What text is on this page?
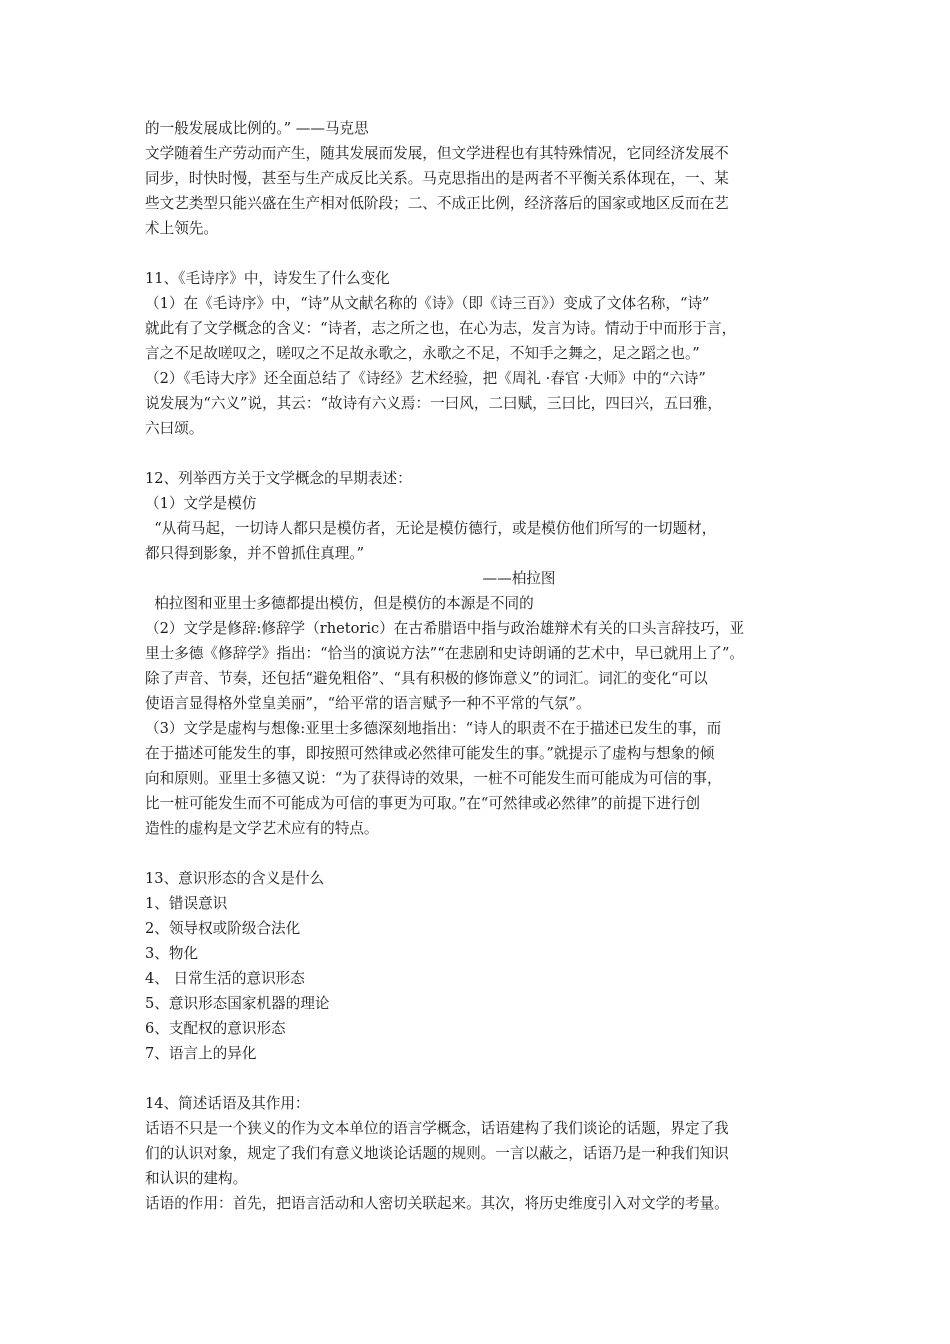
的一般发展成比例的。” ——马克思
文学随着生产劳动而产生，随其发展而发展，但文学进程也有其特殊情况，它同经济发展不
同步，时快时慢，甚至与生产成反比关系。马克思指出的是两者不平衡关系体现在，一、某
些文艺类型只能兴盛在生产相对低阶段；二、不成正比例，经济落后的国家或地区反而在艺
术上领先。
11、《毛诗序》中，诗发生了什么变化
（1）在《毛诗序》中，“诗”从文献名称的《诗》（即《诗三百》）变成了文体名称，“诗”
就此有了文学概念的含义：“诗者，志之所之也，在心为志，发言为诗。情动于中而形于言，
言之不足故嗟叹之，嗟叹之不足故永歌之，永歌之不足，不知手之舞之，足之蹈之也。”
（2）《毛诗大序》还全面总结了《诗经》艺术经验，把《周礼 ·春官 ·大师》中的“六诗”
说发展为“六义”说，其云：“故诗有六义焉：一曰风，二曰赋，三曰比，四曰兴，五曰雅，
六曰颂。
12、列举西方关于文学概念的早期表述：
（1）文学是模仿
“从荷马起，一切诗人都只是模仿者，无论是模仿德行，或是模仿他们所写的一切题材，
都只得到影象，并不曾抓住真理。”
——柏拉图
柏拉图和亚里士多德都提出模仿，但是模仿的本源是不同的
（2）文学是修辞:修辞学（rhetoric）在古希腊语中指与政治雄辩术有关的口头言辞技巧，亚
里士多德《修辞学》指出：“恰当的演说方法”“在悲剧和史诗朗诵的艺术中，早已就用上了”。
除了声音、节奏，还包括“避免粗俗”、“具有积极的修饰意义”的词汇。词汇的变化“可以
使语言显得格外堂皇美丽”，“给平常的语言赋予一种不平常的气氛”。
（3）文学是虚构与想像:亚里士多德深刻地指出：“诗人的职责不在于描述已发生的事，而
在于描述可能发生的事，即按照可然律或必然律可能发生的事。”就提示了虚构与想象的倾
向和原则。亚里士多德又说：“为了获得诗的效果，一桩不可能发生而可能成为可信的事，
比一桩可能发生而不可能成为可信的事更为可取。”在“可然律或必然律”的前提下进行创
造性的虚构是文学艺术应有的特点。
13、意识形态的含义是什么
1、错误意识
2、领导权或阶级合法化
3、物化
4、 日常生活的意识形态
5、意识形态国家机器的理论
6、支配权的意识形态
7、语言上的异化
14、简述话语及其作用：
话语不只是一个狭义的作为文本单位的语言学概念，话语建构了我们谈论的话题，界定了我
们的认识对象，规定了我们有意义地谈论话题的规则。一言以蔽之，话语乃是一种我们知识
和认识的建构。
话语的作用：首先，把语言活动和人密切关联起来。其次，将历史维度引入对文学的考量。
